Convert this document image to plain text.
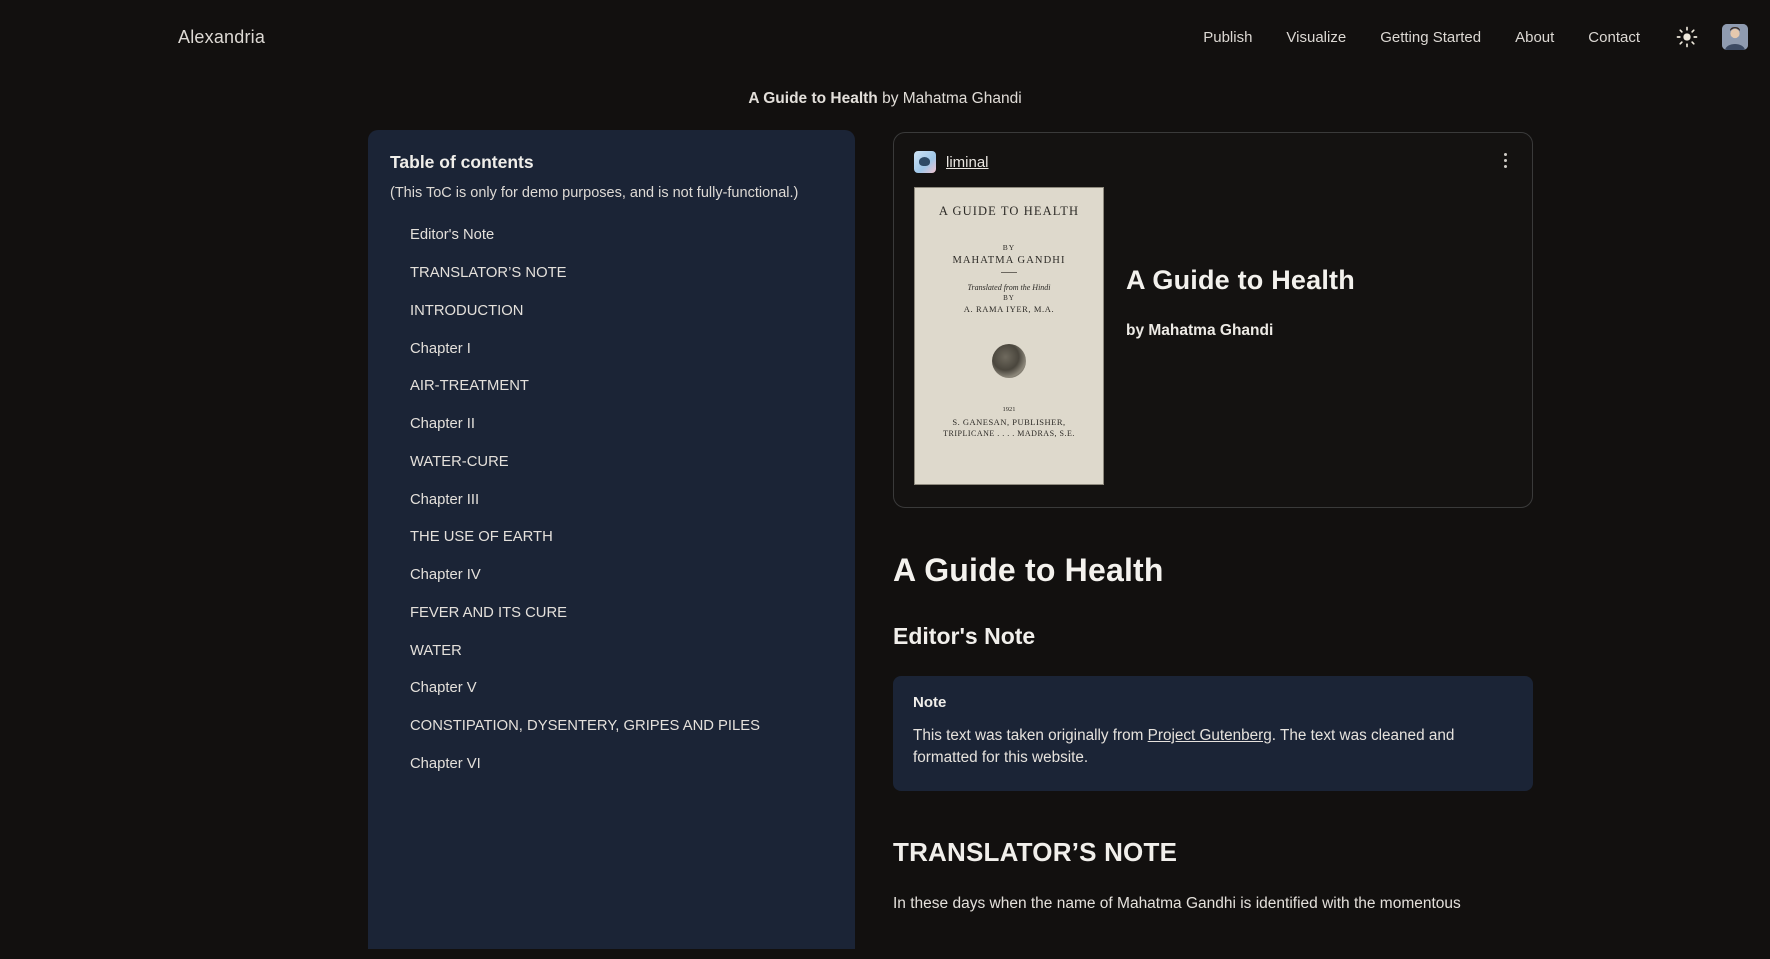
Alexandria	Publish Visualize Getting Started About Contact
A Guide to Health by Mahatma Ghandi
Table of contents

(This ToC is only for demo purposes, and is not fully-functional.)

Editor's Note
TRANSLATOR’S NOTE
INTRODUCTION
Chapter I
AIR-TREATMENT
Chapter II
WATER-CURE
Chapter III
THE USE OF EARTH
Chapter IV
FEVER AND ITS CURE
WATER
Chapter V
CONSTIPATION, DYSENTERY, GRIPES AND PILES
Chapter VI
liminal
A GUIDE TO HEALTH
BY
MAHATMA GANDHI
Translated from the Hindi
BY
A. RAMA IYER, M.A.
1921
S. GANESAN, PUBLISHER,
TRIPLICANE . . . . MADRAS, S.E.
A Guide to Health

by Mahatma Ghandi

A Guide to Health
Editor's Note
Note

This text was taken originally from Project Gutenberg. The text was cleaned and formatted for this website.

TRANSLATOR’S NOTE

In these days when the name of Mahatma Gandhi is identified with the momentous
